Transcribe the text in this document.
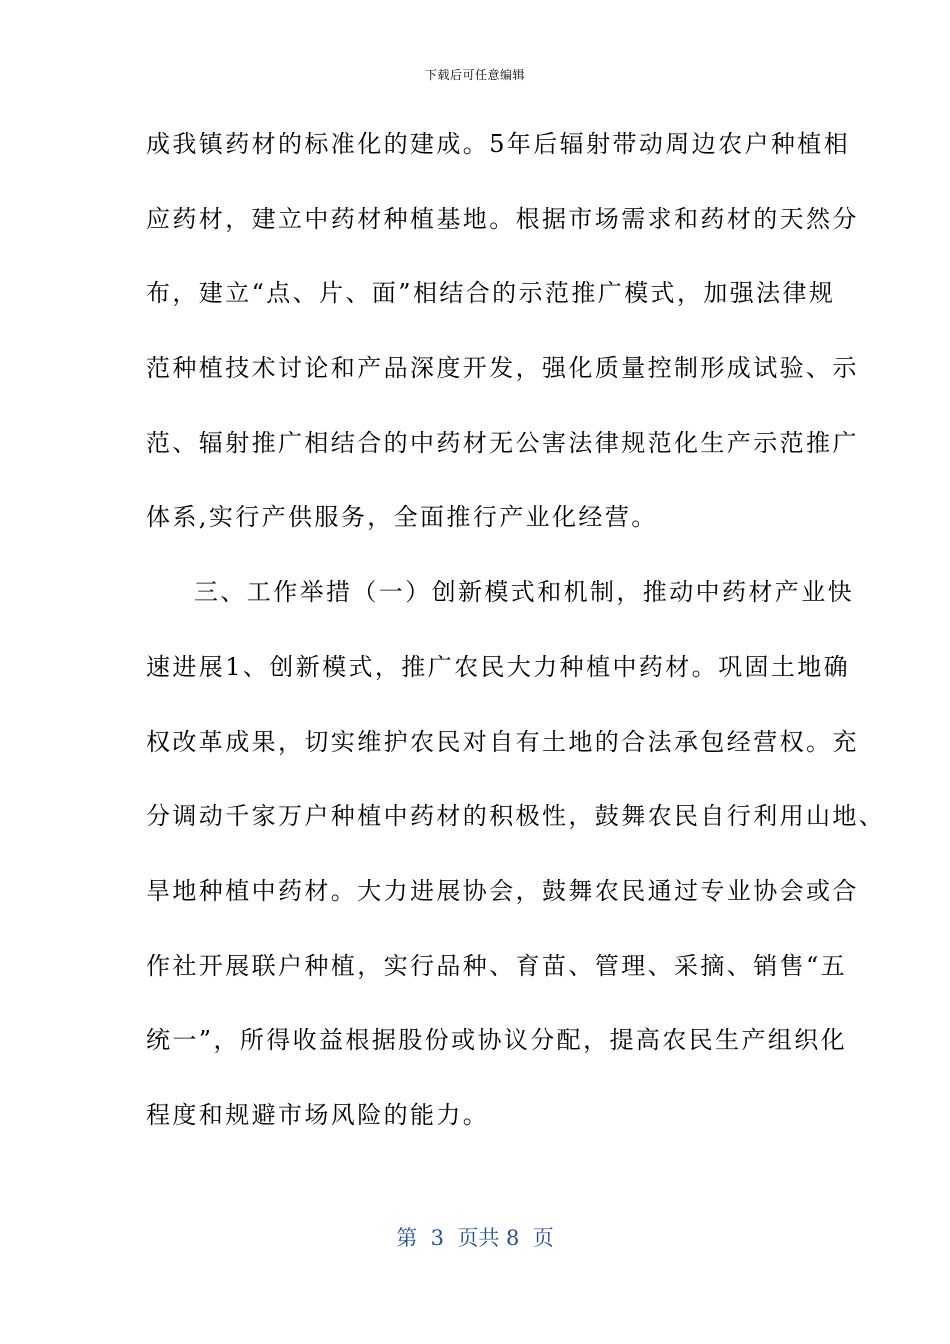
下载后可任意编辑
成我镇药材的标准化的建成。5年后辐射带动周边农户种植相
应药材，建立中药材种植基地。根据市场需求和药材的天然分
布，建立“点、片、面”相结合的示范推广模式，加强法律规
范种植技术讨论和产品深度开发，强化质量控制形成试验、示
范、辐射推广相结合的中药材无公害法律规范化生产示范推广
体系,实行产供服务，全面推行产业化经营。
三、工作举措（一）创新模式和机制，推动中药材产业快
速进展1、创新模式，推广农民大力种植中药材。巩固土地确
权改革成果，切实维护农民对自有土地的合法承包经营权。充
分调动千家万户种植中药材的积极性，鼓舞农民自行利用山地、
旱地种植中药材。大力进展协会，鼓舞农民通过专业协会或合
作社开展联户种植，实行品种、育苗、管理、采摘、销售“五
统一”，所得收益根据股份或协议分配，提高农民生产组织化
程度和规避市场风险的能力。
第  3  页共 8  页
